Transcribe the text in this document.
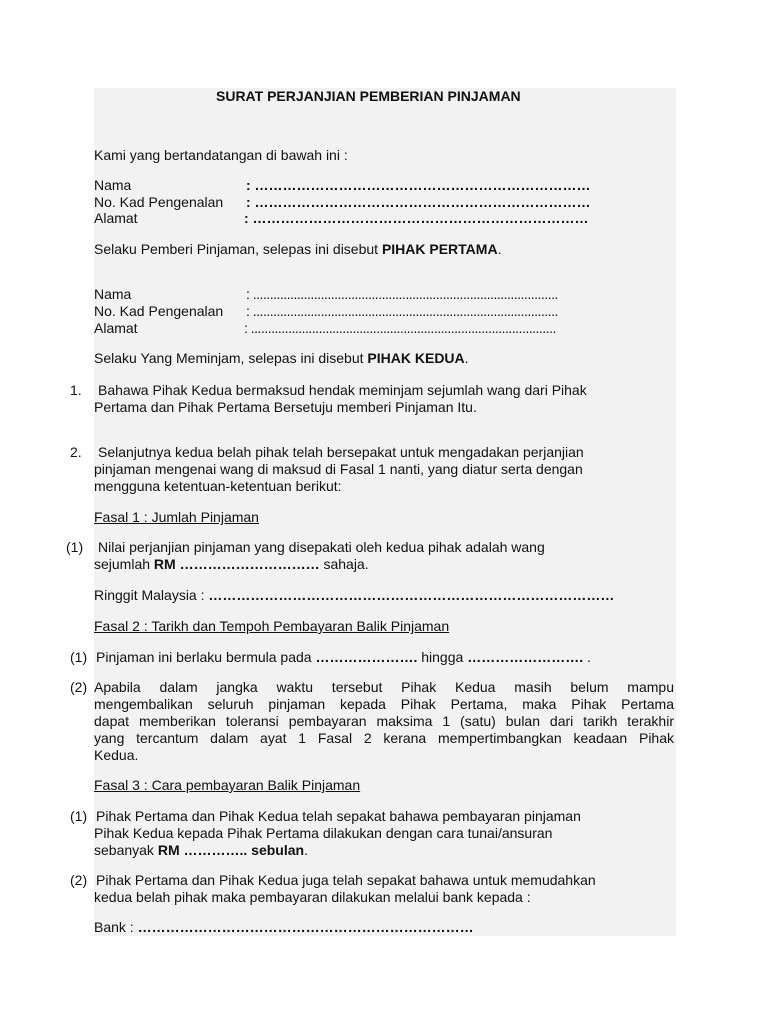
SURAT PERJANJIAN PEMBERIAN PINJAMAN

Kami yang bertandatangan di bawah ini :

Nama	: ………………………………………………………………

No. Kad Pengenalan : ………………………………………………………………

Alamat	: ………………………………………………………………

Selaku Pemberi Pinjaman, selepas ini disebut PIHAK PERTAMA.

Nama	: ..........................................................................................

No. Kad Pengenalan : ..........................................................................................

Alamat	: ..........................................................................................

Selaku Yang Meminjam, selepas ini disebut PIHAK KEDUA.

1. Bahawa Pihak Kedua bermaksud hendak meminjam sejumlah wang dari Pihak

Pertama dan Pihak Pertama Bersetuju memberi Pinjaman Itu.

2. Selanjutnya kedua belah pihak telah bersepakat untuk mengadakan perjanjian

pinjaman mengenai wang di maksud di Fasal 1 nanti, yang diatur serta dengan

mengguna ketentuan-ketentuan berikut:

Fasal 1 : Jumlah Pinjaman

(1) Nilai perjanjian pinjaman yang disepakati oleh kedua pihak adalah wang

sejumlah RM ………………………… sahaja.

Ringgit Malaysia : ……………………………………………………………………………

Fasal 2 : Tarikh dan Tempoh Pembayaran Balik Pinjaman

(1) Pinjaman ini berlaku bermula pada …………………. hingga ……………………. .

(2) Apabila dalam jangka waktu tersebut Pihak Kedua masih belum mampu
mengembalikan seluruh pinjaman kepada Pihak Pertama, maka Pihak Pertama
dapat memberikan toleransi pembayaran maksima 1 (satu) bulan dari tarikh terakhir
yang tercantum dalam ayat 1 Fasal 2 kerana mempertimbangkan keadaan Pihak
Kedua.

Fasal 3 : Cara pembayaran Balik Pinjaman

(1) Pihak Pertama dan Pihak Kedua telah sepakat bahawa pembayaran pinjaman

Pihak Kedua kepada Pihak Pertama dilakukan dengan cara tunai/ansuran

sebanyak RM ………….. sebulan.

(2) Pihak Pertama dan Pihak Kedua juga telah sepakat bahawa untuk memudahkan

kedua belah pihak maka pembayaran dilakukan melalui bank kepada :

Bank : ………………………………………………………………
